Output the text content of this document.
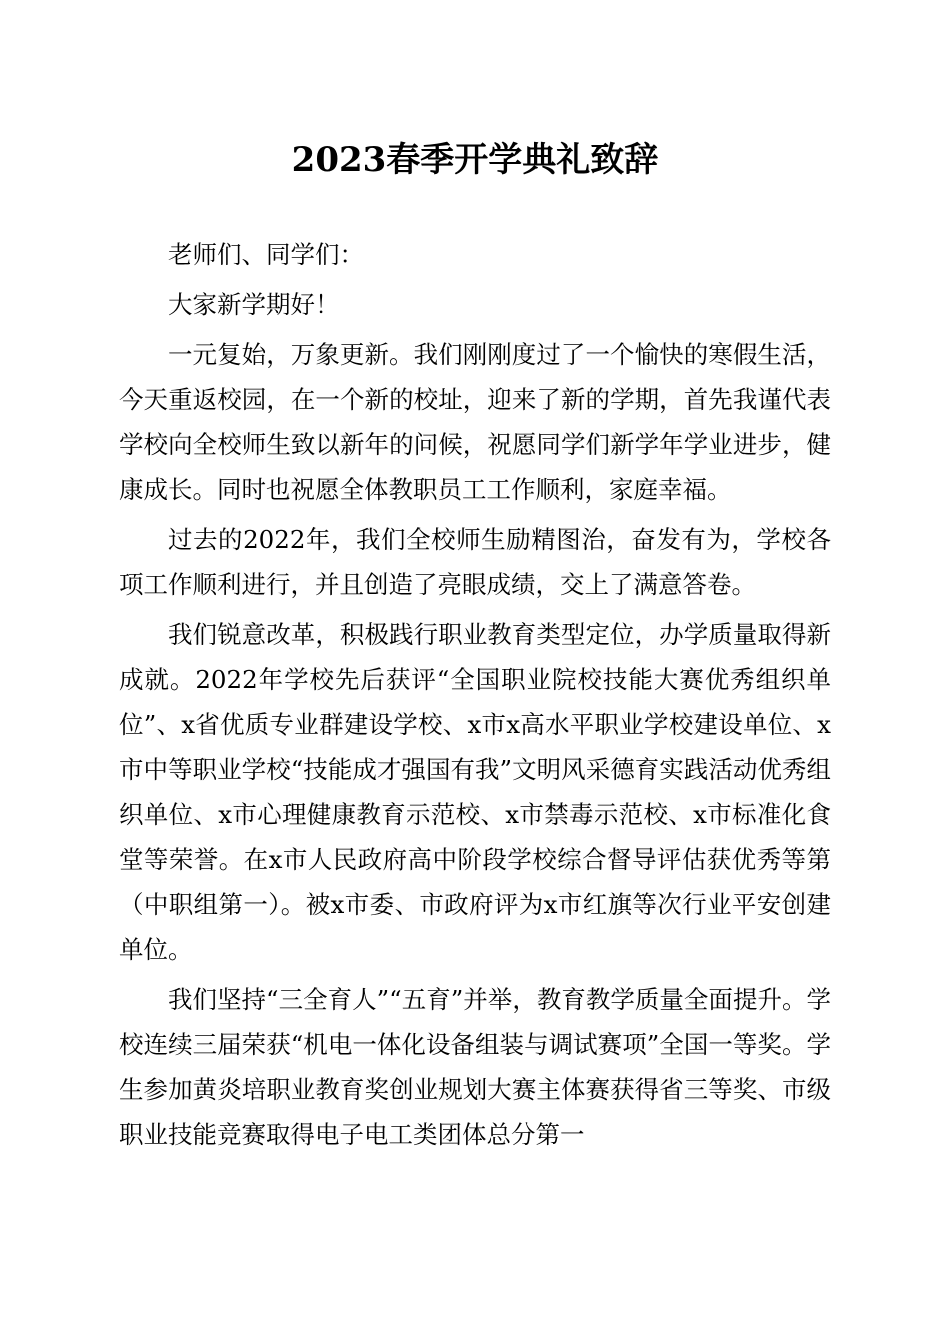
2023春季开学典礼致辞

老师们、同学们：

大家新学期好！

一元复始，万象更新。我们刚刚度过了一个愉快的寒假生活，今天重返校园，在一个新的校址，迎来了新的学期，首先我谨代表学校向全校师生致以新年的问候，祝愿同学们新学年学业进步，健康成长。同时也祝愿全体教职员工工作顺利，家庭幸福。

过去的2022年，我们全校师生励精图治，奋发有为，学校各项工作顺利进行，并且创造了亮眼成绩，交上了满意答卷。

我们锐意改革，积极践行职业教育类型定位，办学质量取得新成就。2022年学校先后获评“全国职业院校技能大赛优秀组织单位”、x省优质专业群建设学校、x市x高水平职业学校建设单位、x市中等职业学校“技能成才强国有我”文明风采德育实践活动优秀组织单位、x市心理健康教育示范校、x市禁毒示范校、x市标准化食堂等荣誉。在x市人民政府高中阶段学校综合督导评估获优秀等第（中职组第一）。被x市委、市政府评为x市红旗等次行业平安创建单位。

我们坚持“三全育人”“五育”并举，教育教学质量全面提升。学校连续三届荣获“机电一体化设备组装与调试赛项”全国一等奖。学生参加黄炎培职业教育奖创业规划大赛主体赛获得省三等奖、市级职业技能竞赛取得电子电工类团体总分第一
